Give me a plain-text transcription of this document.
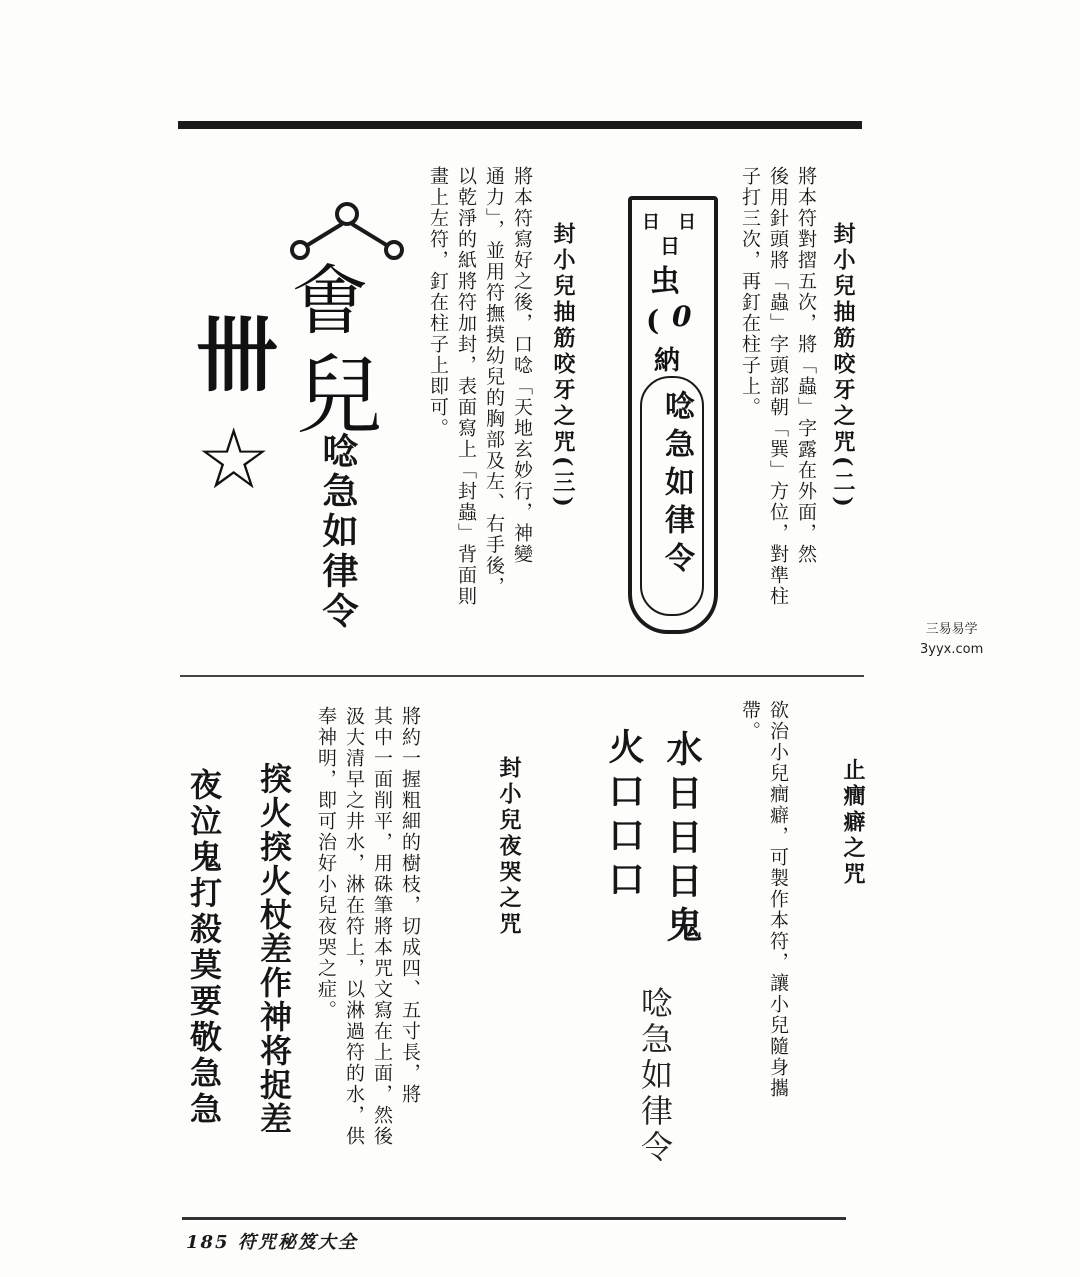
封小兒抽筋咬牙之咒(二)
將本符對摺五次，將「蟲」字露在外面，然
後用針頭將「蟲」字頭部朝「巽」方位，對準柱
子打三次，再釘在柱子上。
日 日
日
虫
0
(
納
唸急如律令
封小兒抽筋咬牙之咒(三)
將本符寫好之後，口唸「天地玄妙行，神變
通力」，並用符撫摸幼兒的胸部及左、右手後，
以乾淨的紙將符加封，表面寫上「封蟲」背面則
畫上左符，釘在柱子上即可。
㑹
兒
唸急如律令
卌
☆
止癎癖之咒
欲治小兒癎癖，可製作本符，讓小兒隨身攜
帶。
水日日日鬼
火口口口
唸急如律令
封小兒夜哭之咒
將約一握粗細的樹枝，切成四、五寸長，將
其中一面削平，用硃筆將本咒文寫在上面，然後
汲大清早之井水，淋在符上，以淋過符的水，供
奉神明，即可治好小兒夜哭之症。
揬火揬火杖差作神将捉差
夜泣鬼打殺莫要敬急急
三易易学
3yyx.com
185 符咒秘笈大全
